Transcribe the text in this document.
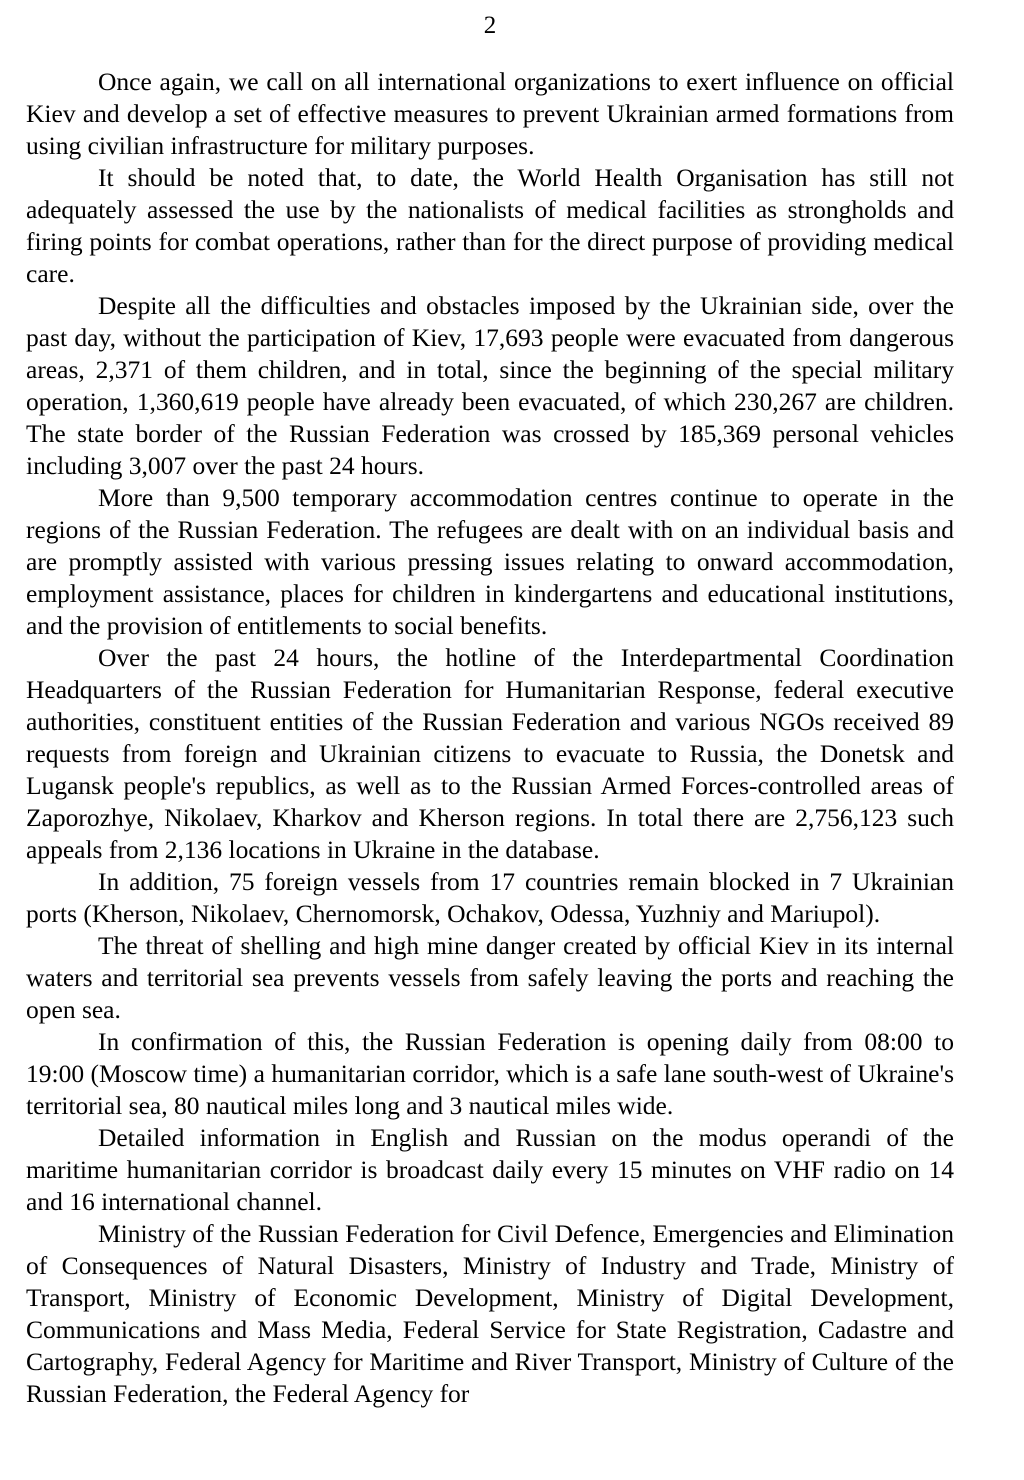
2

Once again, we call on all international organizations to exert influence on official Kiev and develop a set of effective measures to prevent Ukrainian armed formations from using civilian infrastructure for military purposes.

It should be noted that, to date, the World Health Organisation has still not adequately assessed the use by the nationalists of medical facilities as strongholds and firing points for combat operations, rather than for the direct purpose of providing medical care.

Despite all the difficulties and obstacles imposed by the Ukrainian side, over the past day, without the participation of Kiev, 17,693 people were evacuated from dangerous areas, 2,371 of them children, and in total, since the beginning of the special military operation, 1,360,619 people have already been evacuated, of which 230,267 are children. The state border of the Russian Federation was crossed by 185,369 personal vehicles including 3,007 over the past 24 hours.

More than 9,500 temporary accommodation centres continue to operate in the regions of the Russian Federation. The refugees are dealt with on an individual basis and are promptly assisted with various pressing issues relating to onward accommodation, employment assistance, places for children in kindergartens and educational institutions, and the provision of entitlements to social benefits.

Over the past 24 hours, the hotline of the Interdepartmental Coordination Headquarters of the Russian Federation for Humanitarian Response, federal executive authorities, constituent entities of the Russian Federation and various NGOs received 89 requests from foreign and Ukrainian citizens to evacuate to Russia, the Donetsk and Lugansk people's republics, as well as to the Russian Armed Forces-controlled areas of Zaporozhye, Nikolaev, Kharkov and Kherson regions. In total there are 2,756,123 such appeals from 2,136 locations in Ukraine in the database.

In addition, 75 foreign vessels from 17 countries remain blocked in 7 Ukrainian ports (Kherson, Nikolaev, Chernomorsk, Ochakov, Odessa, Yuzhniy and Mariupol).

The threat of shelling and high mine danger created by official Kiev in its internal waters and territorial sea prevents vessels from safely leaving the ports and reaching the open sea.

In confirmation of this, the Russian Federation is opening daily from 08:00 to 19:00 (Moscow time) a humanitarian corridor, which is a safe lane south-west of Ukraine's territorial sea, 80 nautical miles long and 3 nautical miles wide.

Detailed information in English and Russian on the modus operandi of the maritime humanitarian corridor is broadcast daily every 15 minutes on VHF radio on 14 and 16 international channel.

Ministry of the Russian Federation for Civil Defence, Emergencies and Elimination of Consequences of Natural Disasters, Ministry of Industry and Trade, Ministry of Transport, Ministry of Economic Development, Ministry of Digital Development, Communications and Mass Media, Federal Service for State Registration, Cadastre and Cartography, Federal Agency for Maritime and River Transport, Ministry of Culture of the Russian Federation, the Federal Agency for
